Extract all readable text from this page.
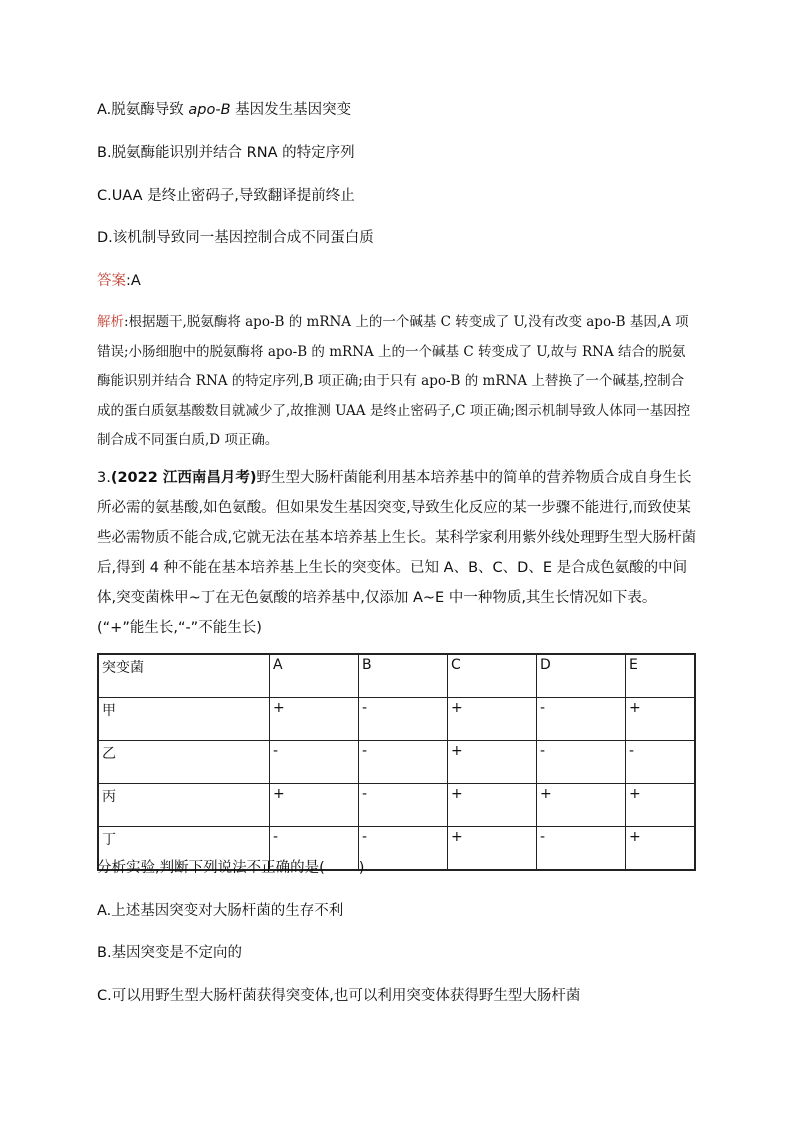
A.脱氨酶导致 apo-B 基因发生基因突变
B.脱氨酶能识别并结合 RNA 的特定序列
C.UAA 是终止密码子,导致翻译提前终止
D.该机制导致同一基因控制合成不同蛋白质
答案:A
解析:根据题干,脱氨酶将 apo-B 的 mRNA 上的一个碱基 C 转变成了 U,没有改变 apo-B 基因,A 项错误;小肠细胞中的脱氨酶将 apo-B 的 mRNA 上的一个碱基 C 转变成了 U,故与 RNA 结合的脱氨酶能识别并结合 RNA 的特定序列,B 项正确;由于只有 apo-B 的 mRNA 上替换了一个碱基,控制合成的蛋白质氨基酸数目就减少了,故推测 UAA 是终止密码子,C 项正确;图示机制导致人体同一基因控制合成不同蛋白质,D 项正确。
3.(2022 江西南昌月考)野生型大肠杆菌能利用基本培养基中的简单的营养物质合成自身生长所必需的氨基酸,如色氨酸。但如果发生基因突变,导致生化反应的某一步骤不能进行,而致使某些必需物质不能合成,它就无法在基本培养基上生长。某科学家利用紫外线处理野生型大肠杆菌后,得到 4 种不能在基本培养基上生长的突变体。已知 A、B、C、D、E 是合成色氨酸的中间体,突变菌株甲~丁在无色氨酸的培养基中,仅添加 A~E 中一种物质,其生长情况如下表。(“+”能生长,“-”不能生长)
突变菌	A	B	C	D	E
甲	+	-	+	-	+
乙	-	-	+	-	-
丙	+	-	+	+	+
丁	-	-	+	-	+
分析实验,判断下列说法不正确的是( )
A.上述基因突变对大肠杆菌的生存不利
B.基因突变是不定向的
C.可以用野生型大肠杆菌获得突变体,也可以利用突变体获得野生型大肠杆菌
